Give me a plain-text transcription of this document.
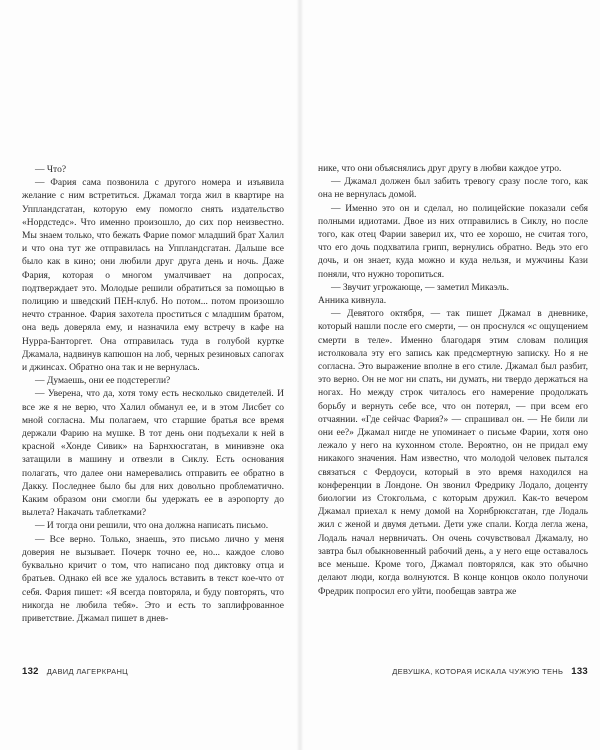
— Что?

— Фария сама позвонила с другого номера и изъявила желание с ним встретиться. Джамал тогда жил в квартире на Уппландсгатан, которую ему помогло снять издательство «Нордстедс». Что именно произошло, до сих пор неизвестно. Мы знаем только, что бежать Фарие помог младший брат Халил и что она тут же отправилась на Уппландсгатан. Дальше все было как в кино; они любили друг друга день и ночь. Даже Фария, которая о многом умалчивает на допросах, подтверждает это. Молодые решили обратиться за помощью в полицию и шведский ПЕН-клуб. Но потом... потом произошло нечто странное. Фария захотела проститься с младшим братом, она ведь доверяла ему, и назначила ему встречу в кафе на Нурра-Банторгет. Она отправилась туда в голубой куртке Джамала, надвинув капюшон на лоб, черных резиновых сапогах и джинсах. Обратно она так и не вернулась.

— Думаешь, они ее подстерегли?

— Уверена, что да, хотя тому есть несколько свидетелей. И все же я не верю, что Халил обманул ее, и в этом Лисбет со мной согласна. Мы полагаем, что старшие братья все время держали Фарию на мушке. В тот день они подъехали к ней в красной «Хонде Сивик» на Барнхюсгатан, в минивэне ока затащили в машину и отвезли в Сиклу. Есть основания полагать, что далее они намеревались отправить ее обратно в Дакку. Последнее было бы для них довольно проблематично. Каким образом они смогли бы удержать ее в аэропорту до вылета? Накачать таблетками?

— И тогда они решили, что она должна написать письмо.

— Все верно. Только, знаешь, это письмо лично у меня доверия не вызывает. Почерк точно ее, но... каждое слово буквально кричит о том, что написано под диктовку отца и братьев. Однако ей все же удалось вставить в текст кое-что от себя. Фария пишет: «Я всегда повторяла, и буду повторять, что никогда не любила тебя». Это и есть то заплифрованное приветствие. Джамал пишет в днев-

132 ДАВИД ЛАГЕРКРАНЦ

нике, что они объяснялись друг другу в любви каждое утро.

— Джамал должен был забить тревогу сразу после того, как она не вернулась домой.

— Именно это он и сделал, но полицейские показали себя полными идиотами. Двое из них отправились в Сиклу, но после того, как отец Фарии заверил их, что ее хорошо, не считая того, что его дочь подхватила грипп, вернулись обратно. Ведь это его дочь, и он знает, куда можно и куда нельзя, и мужчины Кази поняли, что нужно торопиться.

— Звучит угрожающе, — заметил Микаэль.

Анника кивнула.

— Девятого октября, — так пишет Джамал в дневнике, который нашли после его смерти, — он проснулся «с ощущением смерти в теле». Именно благодаря этим словам полиция истолковала эту его запись как предсмертную записку. Но я не согласна. Это выражение вполне в его стиле. Джамал был разбит, это верно. Он не мог ни спать, ни думать, ни твердо держаться на ногах. Но между строк читалось его намерение продолжать борьбу и вернуть себе все, что он потерял, — при всем его отчаянии. «Где сейчас Фария?» — спрашивал он. — Не били ли они ее?» Джамал нигде не упоминает о письме Фарии, хотя оно лежало у него на кухонном столе. Вероятно, он не придал ему никакого значения. Нам известно, что молодой человек пытался связаться с Фердоуси, который в это время находился на конференции в Лондоне. Он звонил Фредрику Лодало, доценту биологии из Стокгольма, с которым дружил. Как-то вечером Джамал приехал к нему домой на Хорнбрюксгатан, где Лодаль жил с женой и двумя детьми. Дети уже спали. Когда легла жена, Лодаль начал нервничать. Он очень сочувствовал Джамалу, но завтра был обыкновенный рабочий день, а у него еще оставалось все меньше. Кроме того, Джамал повторялся, как это обычно делают люди, когда волнуются. В конце концов около полуночи Фредрик попросил его уйти, пообещав завтра же

ДЕВУШКА, КОТОРАЯ ИСКАЛА ЧУЖУЮ ТЕНЬ 133
